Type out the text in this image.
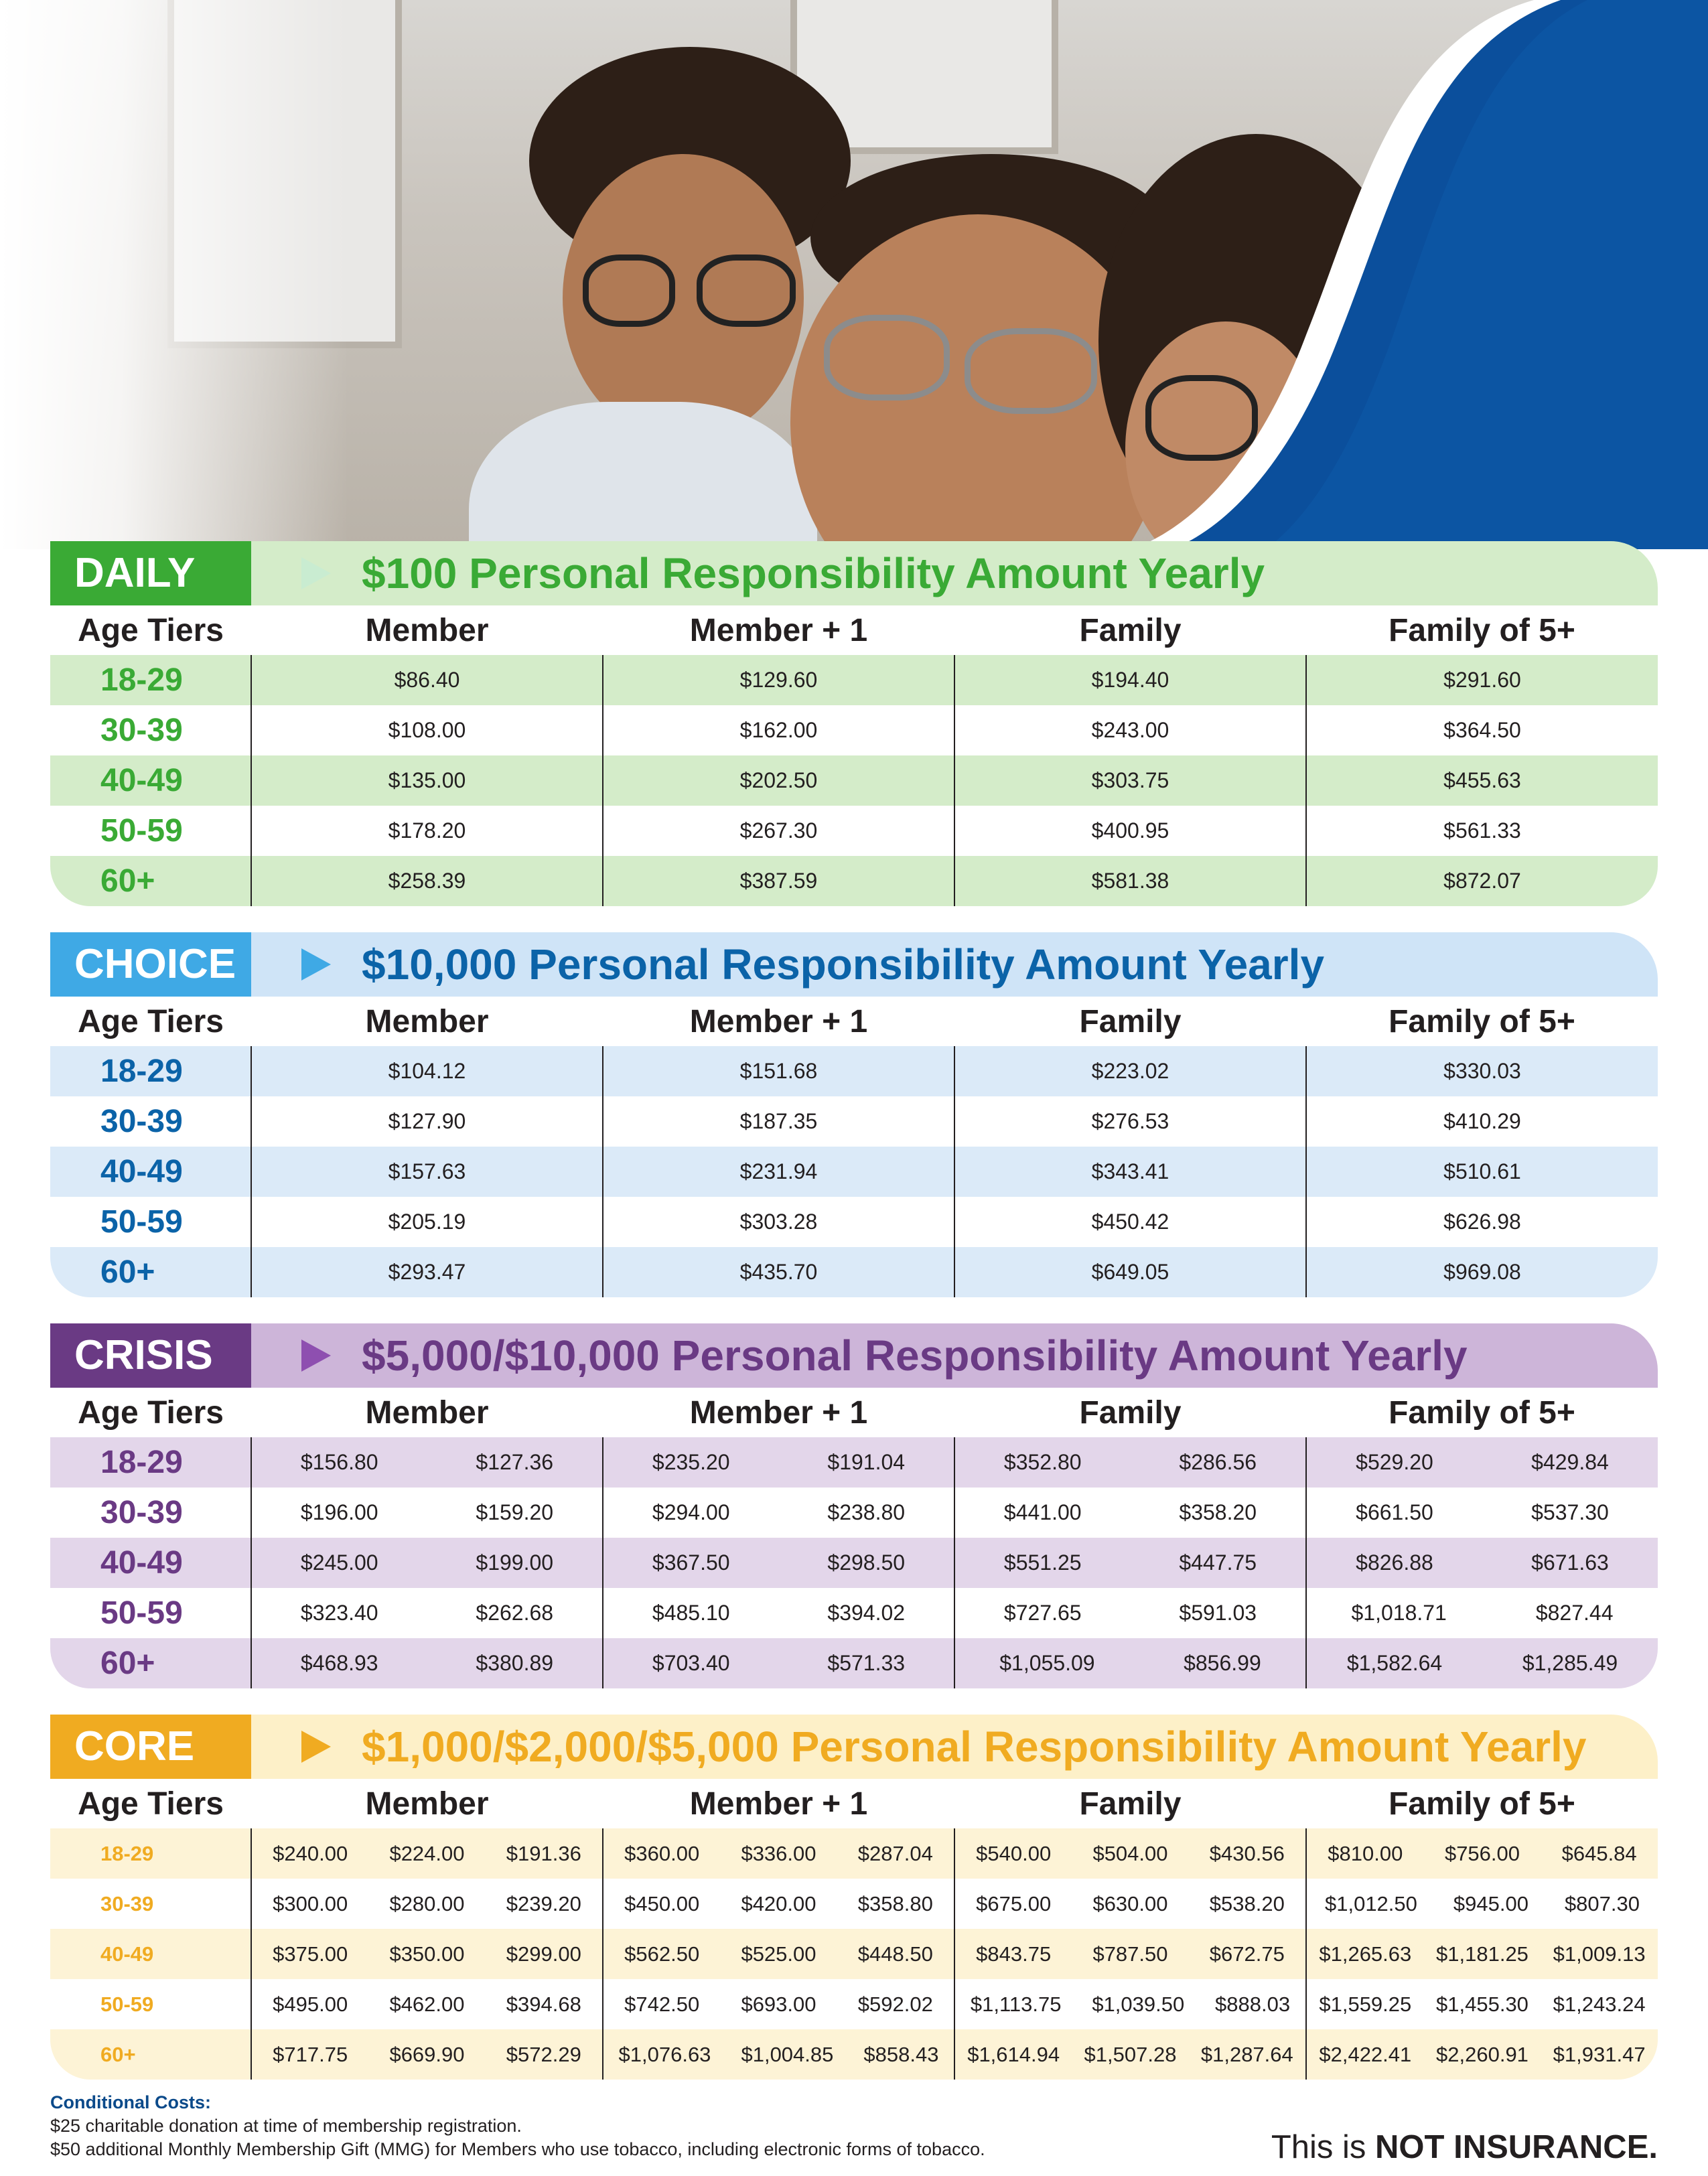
DAILY	$100 Personal Responsibility Amount Yearly
Age Tiers	Member	Member + 1	Family	Family of 5+
18-29	$86.40	$129.60	$194.40	$291.60

30-39	$108.00	$162.00	$243.00	$364.50

40-49	$135.00	$202.50	$303.75	$455.63

50-59	$178.20	$267.30	$400.95	$561.33

60+	$258.39	$387.59	$581.38	$872.07
CHOICE	$10,000 Personal Responsibility Amount Yearly
Age Tiers	Member	Member + 1	Family	Family of 5+
18-29	$104.12	$151.68	$223.02	$330.03

30-39	$127.90	$187.35	$276.53	$410.29

40-49	$157.63	$231.94	$343.41	$510.61

50-59	$205.19	$303.28	$450.42	$626.98

60+	$293.47	$435.70	$649.05	$969.08
CRISIS	$5,000/$10,000 Personal Responsibility Amount Yearly
Age Tiers	Member	Member + 1	Family	Family of 5+
18-29	$156.80 $127.36	$235.20 $191.04	$352.80 $286.56	$529.20 $429.84

30-39	$196.00 $159.20	$294.00 $238.80	$441.00 $358.20	$661.50 $537.30

40-49	$245.00 $199.00	$367.50 $298.50	$551.25 $447.75	$826.88 $671.63

50-59	$323.40 $262.68	$485.10 $394.02	$727.65 $591.03	$1,018.71 $827.44

60+	$468.93 $380.89	$703.40 $571.33	$1,055.09 $856.99	$1,582.64 $1,285.49
CORE	$1,000/$2,000/$5,000 Personal Responsibility Amount Yearly
Age Tiers	Member	Member + 1	Family	Family of 5+
18-29	$240.00 $224.00 $191.36	$360.00 $336.00 $287.04	$540.00 $504.00 $430.56	$810.00 $756.00 $645.84

30-39	$300.00 $280.00 $239.20	$450.00 $420.00 $358.80	$675.00 $630.00 $538.20	$1,012.50 $945.00 $807.30

40-49	$375.00 $350.00 $299.00	$562.50 $525.00 $448.50	$843.75 $787.50 $672.75	$1,265.63 $1,181.25 $1,009.13

50-59	$495.00 $462.00 $394.68	$742.50 $693.00 $592.02	$1,113.75 $1,039.50 $888.03	$1,559.25 $1,455.30 $1,243.24

60+	$717.75 $669.90 $572.29	$1,076.63 $1,004.85 $858.43	$1,614.94 $1,507.28 $1,287.64	$2,422.41 $2,260.91 $1,931.47
Conditional Costs:
$25 charitable donation at time of membership registration.
$50 additional Monthly Membership Gift (MMG) for Members who use tobacco, including electronic forms of tobacco.	This is NOT INSURANCE.
